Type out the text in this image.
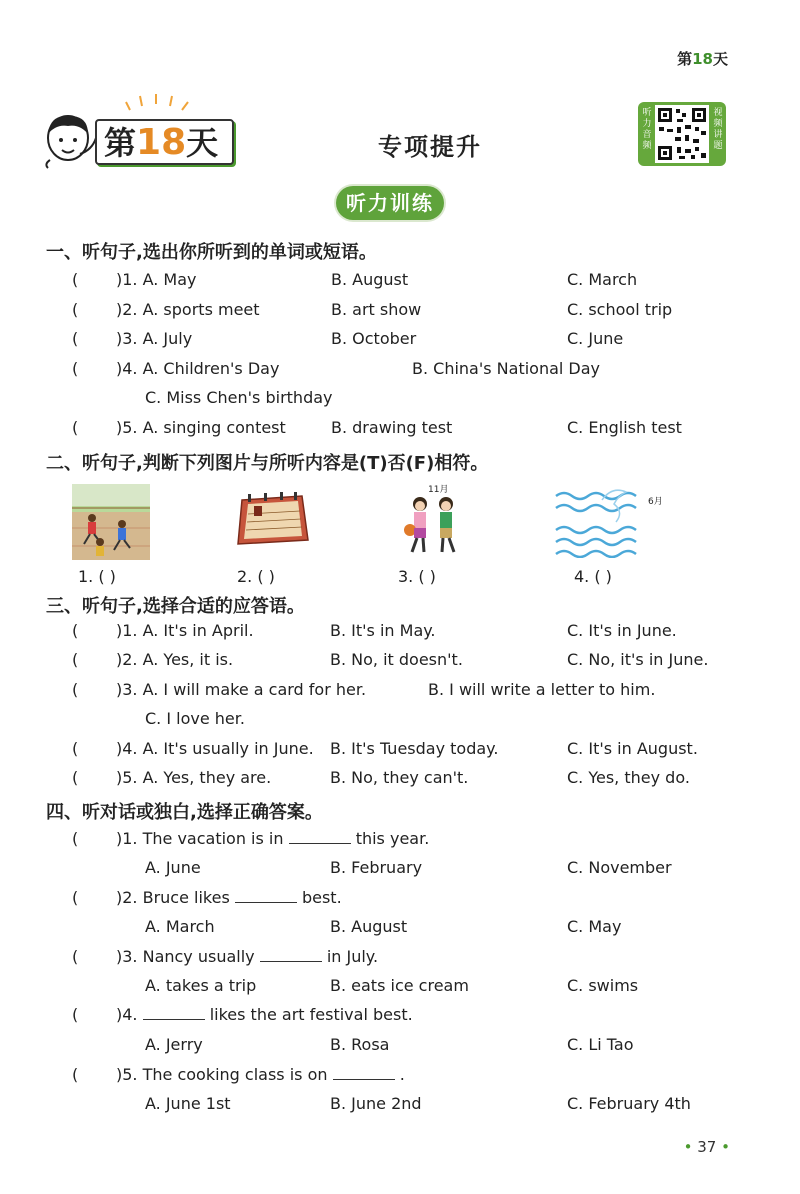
第18天
第18天	专项提升
听力音频
视频讲题
听力训练
一、听句子,选出你所听到的单词或短语。
( )1. A. May	B. August	C. March
( )2. A. sports meet	B. art show	C. school trip
( )3. A. July	B. October	C. June
( )4. A. Children's Day	B. China's National Day
C. Miss Chen's birthday
( )5. A. singing contest	B. drawing test	C. English test
二、听句子,判断下列图片与所听内容是(T)否(F)相符。
11月
6月
1. ( )	2. ( )	3. ( )	4. ( )
三、听句子,选择合适的应答语。
( )1. A. It's in April.	B. It's in May.	C. It's in June.
( )2. A. Yes, it is.	B. No, it doesn't.	C. No, it's in June.
( )3. A. I will make a card for her.	B. I will write a letter to him.
C. I love her.
( )4. A. It's usually in June. B. It's Tuesday today.	C. It's in August.
( )5. A. Yes, they are.	B. No, they can't.	C. Yes, they do.
四、听对话或独白,选择正确答案。
( )1. The vacation is in	this year.
A. June	B. February	C. November
( )2. Bruce likes	best.
A. March	B. August	C. May
( )3. Nancy usually	in July.
A. takes a trip	B. eats ice cream	C. swims
( )4.	likes the art festival best.
A. Jerry	B. Rosa	C. Li Tao
( )5. The cooking class is on	.
A. June 1st	B. June 2nd	C. February 4th
• 37 •
